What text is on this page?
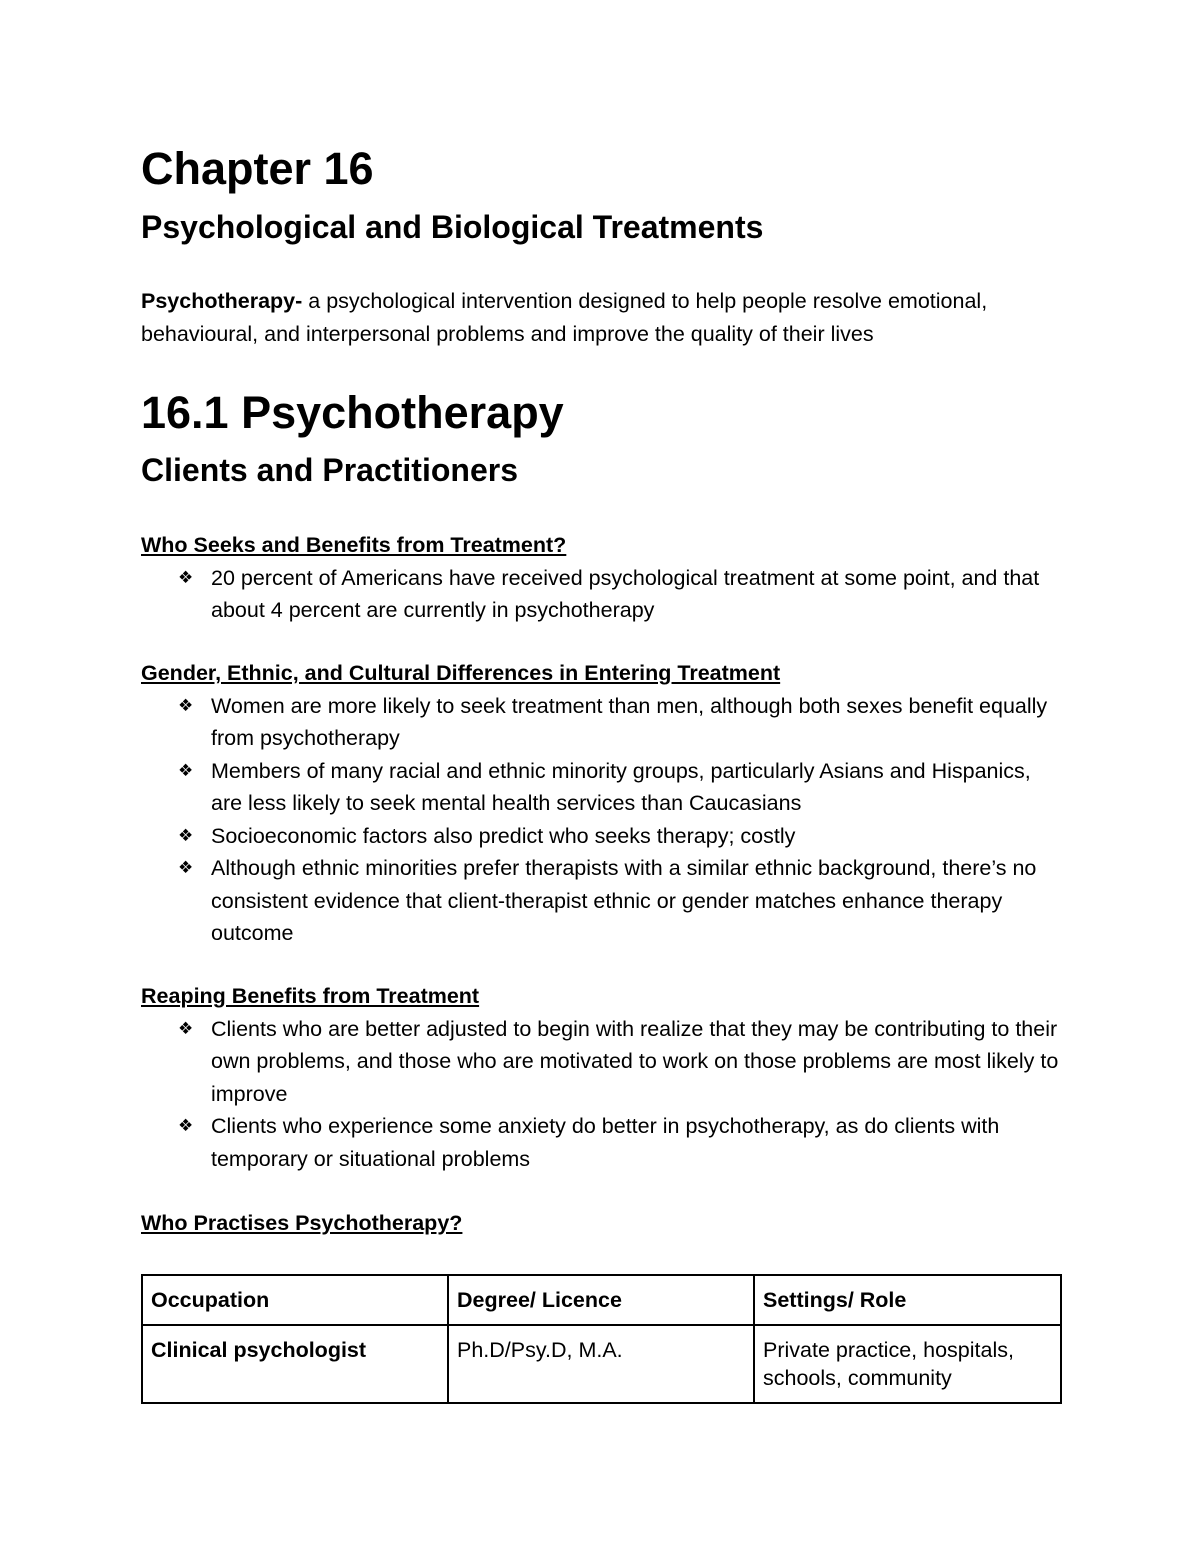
Chapter 16
Psychological and Biological Treatments

Psychotherapy- a psychological intervention designed to help people resolve emotional, behavioural, and interpersonal problems and improve the quality of their lives

16.1 Psychotherapy
Clients and Practitioners

Who Seeks and Benefits from Treatment?

❖ 20 percent of Americans have received psychological treatment at some point, and that about 4 percent are currently in psychotherapy

Gender, Ethnic, and Cultural Differences in Entering Treatment

❖ Women are more likely to seek treatment than men, although both sexes benefit equally from psychotherapy
❖ Members of many racial and ethnic minority groups, particularly Asians and Hispanics, are less likely to seek mental health services than Caucasians
❖ Socioeconomic factors also predict who seeks therapy; costly
❖ Although ethnic minorities prefer therapists with a similar ethnic background, there’s no consistent evidence that client-therapist ethnic or gender matches enhance therapy outcome

Reaping Benefits from Treatment

❖ Clients who are better adjusted to begin with realize that they may be contributing to their own problems, and those who are motivated to work on those problems are most likely to improve
❖ Clients who experience some anxiety do better in psychotherapy, as do clients with temporary or situational problems

Who Practises Psychotherapy?

Occupation	Degree/ Licence	Settings/ Role
Clinical psychologist	Ph.D/Psy.D, M.A.	Private practice, hospitals, schools, community
